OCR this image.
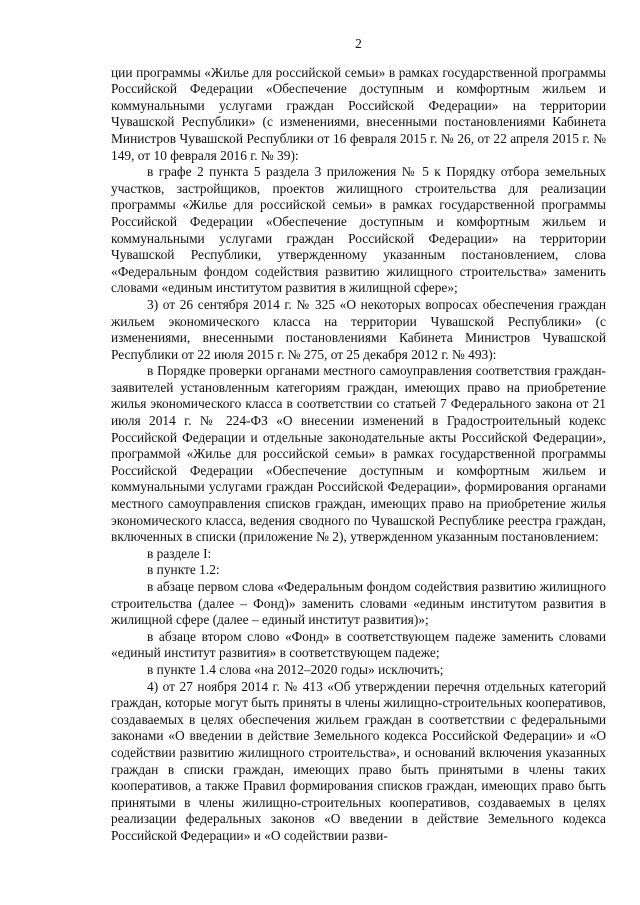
2

ции программы «Жилье для российской семьи» в рамках государственной программы Российской Федерации «Обеспечение доступным и комфортным жильем и коммунальными услугами граждан Российской Федерации» на территории Чувашской Республики» (с изменениями, внесенными постановлениями Кабинета Министров Чувашской Республики от 16 февраля 2015 г. № 26, от 22 апреля 2015 г. № 149, от 10 февраля 2016 г. № 39):

в графе 2 пункта 5 раздела 3 приложения № 5 к Порядку отбора земельных участков, застройщиков, проектов жилищного строительства для реализации программы «Жилье для российской семьи» в рамках государственной программы Российской Федерации «Обеспечение доступным и комфортным жильем и коммунальными услугами граждан Российской Федерации» на территории Чувашской Республики, утвержденному указанным постановлением, слова «Федеральным фондом содействия развитию жилищного строительства» заменить словами «единым институтом развития в жилищной сфере»;

3) от 26 сентября 2014 г. № 325 «О некоторых вопросах обеспечения граждан жильем экономического класса на территории Чувашской Республики» (с изменениями, внесенными постановлениями Кабинета Министров Чувашской Республики от 22 июля 2015 г. № 275, от 25 декабря 2012 г. № 493):

в Порядке проверки органами местного самоуправления соответствия граждан-заявителей установленным категориям граждан, имеющих право на приобретение жилья экономического класса в соответствии со статьей 7 Федерального закона от 21 июля 2014 г. № 224-ФЗ «О внесении изменений в Градостроительный кодекс Российской Федерации и отдельные законодательные акты Российской Федерации», программой «Жилье для российской семьи» в рамках государственной программы Российской Федерации «Обеспечение доступным и комфортным жильем и коммунальными услугами граждан Российской Федерации», формирования органами местного самоуправления списков граждан, имеющих право на приобретение жилья экономического класса, ведения сводного по Чувашской Республике реестра граждан, включенных в списки (приложение № 2), утвержденном указанным постановлением:

в разделе I:

в пункте 1.2:

в абзаце первом слова «Федеральным фондом содействия развитию жилищного строительства (далее – Фонд)» заменить словами «единым институтом развития в жилищной сфере (далее – единый институт развития)»;

в абзаце втором слово «Фонд» в соответствующем падеже заменить словами «единый институт развития» в соответствующем падеже;

в пункте 1.4 слова «на 2012–2020 годы» исключить;

4) от 27 ноября 2014 г. № 413 «Об утверждении перечня отдельных категорий граждан, которые могут быть приняты в члены жилищно-строительных кооперативов, создаваемых в целях обеспечения жильем граждан в соответствии с федеральными законами «О введении в действие Земельного кодекса Российской Федерации» и «О содействии развитию жилищного строительства», и оснований включения указанных граждан в списки граждан, имеющих право быть принятыми в члены таких кооперативов, а также Правил формирования списков граждан, имеющих право быть принятыми в члены жилищно-строительных кооперативов, создаваемых в целях реализации федеральных законов «О введении в действие Земельного кодекса Российской Федерации» и «О содействии разви-
